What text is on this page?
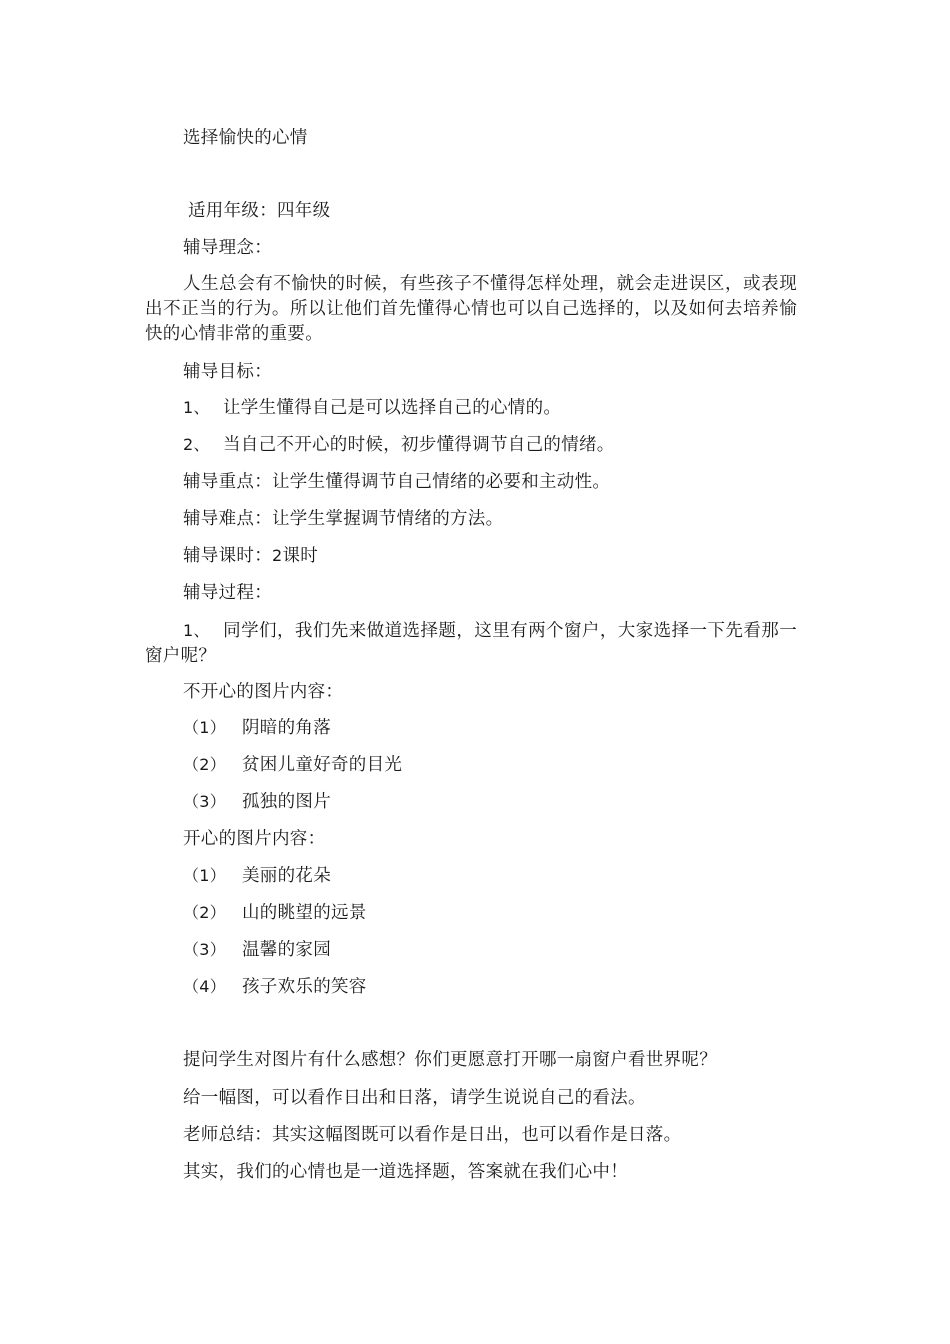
选择愉快的心情
适用年级：四年级
辅导理念：
人生总会有不愉快的时候，有些孩子不懂得怎样处理，就会走进误区，或表现出不正当的行为。所以让他们首先懂得心情也可以自己选择的，以及如何去培养愉快的心情非常的重要。
辅导目标：
1、 让学生懂得自己是可以选择自己的心情的。
2、 当自己不开心的时候，初步懂得调节自己的情绪。
辅导重点：让学生懂得调节自己情绪的必要和主动性。
辅导难点：让学生掌握调节情绪的方法。
辅导课时：2课时
辅导过程：
1、 同学们，我们先来做道选择题，这里有两个窗户，大家选择一下先看那一窗户呢？
不开心的图片内容：
（1） 阴暗的角落
（2） 贫困儿童好奇的目光
（3） 孤独的图片
开心的图片内容：
（1） 美丽的花朵
（2） 山的眺望的远景
（3） 温馨的家园
（4） 孩子欢乐的笑容
提问学生对图片有什么感想？你们更愿意打开哪一扇窗户看世界呢？
给一幅图，可以看作日出和日落，请学生说说自己的看法。
老师总结：其实这幅图既可以看作是日出，也可以看作是日落。
其实，我们的心情也是一道选择题，答案就在我们心中！
